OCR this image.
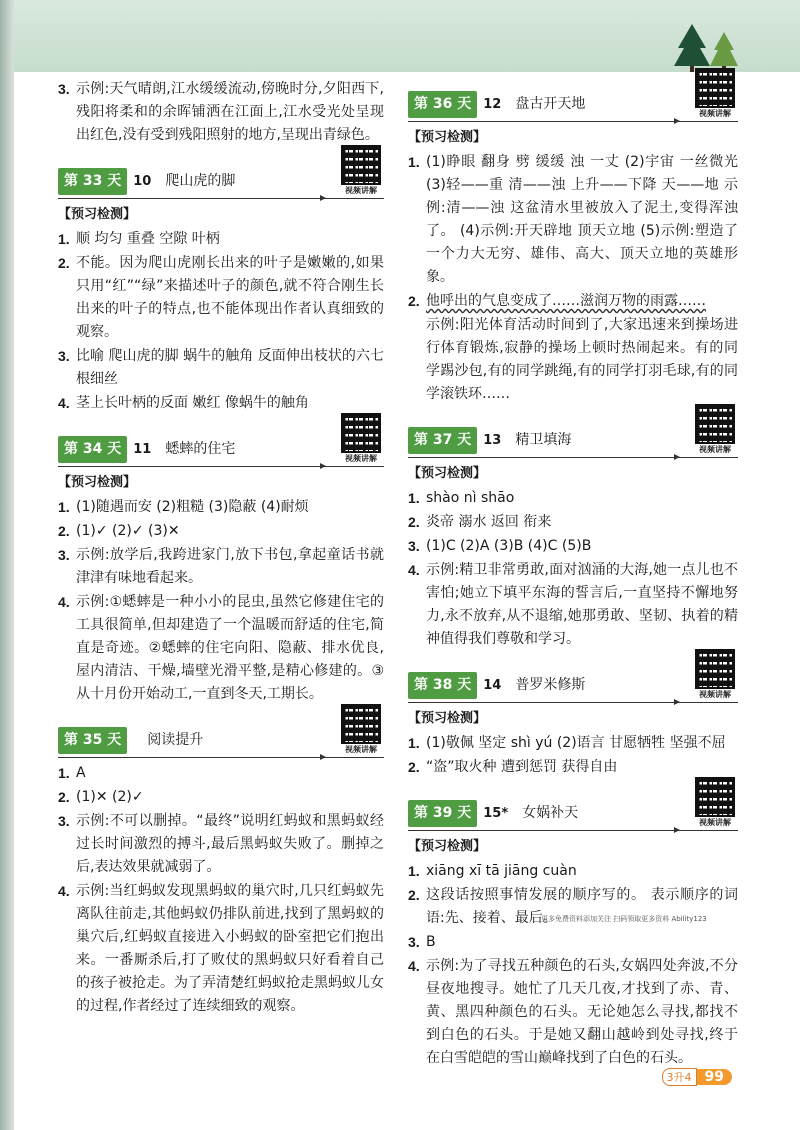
3. 示例:天气晴朗,江水缓缓流动,傍晚时分,夕阳西下,残阳将柔和的余晖铺洒在江面上,江水受光处呈现出红色,没有受到残阳照射的地方,呈现出青绿色。
第 33 天 10 爬山虎的脚
视频讲解
【预习检测】
1. 顺 均匀 重叠 空隙 叶柄
2. 不能。因为爬山虎刚长出来的叶子是嫩嫩的,如果只用“红”“绿”来描述叶子的颜色,就不符合刚生长出来的叶子的特点,也不能体现出作者认真细致的观察。
3. 比喻 爬山虎的脚 蜗牛的触角 反面伸出枝状的六七根细丝
4. 茎上长叶柄的反面 嫩红 像蜗牛的触角
第 34 天 11 蟋蟀的住宅
视频讲解
【预习检测】
1. (1)随遇而安 (2)粗糙 (3)隐蔽 (4)耐烦
2. (1)✓ (2)✓ (3)✕
3. 示例:放学后,我跨进家门,放下书包,拿起童话书就津津有味地看起来。
4. 示例:①蟋蟀是一种小小的昆虫,虽然它修建住宅的工具很简单,但却建造了一个温暖而舒适的住宅,简直是奇迹。②蟋蟀的住宅向阳、隐蔽、排水优良,屋内清洁、干燥,墙壁光滑平整,是精心修建的。③从十月份开始动工,一直到冬天,工期长。
第 35 天	阅读提升
视频讲解
1. A
2. (1)✕ (2)✓
3. 示例:不可以删掉。“最终”说明红蚂蚁和黑蚂蚁经过长时间激烈的搏斗,最后黑蚂蚁失败了。删掉之后,表达效果就减弱了。
4. 示例:当红蚂蚁发现黑蚂蚁的巢穴时,几只红蚂蚁先离队往前走,其他蚂蚁仍排队前进,找到了黑蚂蚁的巢穴后,红蚂蚁直接进入小蚂蚁的卧室把它们抱出来。一番厮杀后,打了败仗的黑蚂蚁只好看着自己的孩子被抢走。为了弄清楚红蚂蚁抢走黑蚂蚁儿女的过程,作者经过了连续细致的观察。
第 36 天 12 盘古开天地
视频讲解
【预习检测】
1. (1)睁眼 翻身 劈 缓缓 浊 一丈 (2)宇宙 一丝微光 (3)轻——重 清——浊 上升——下降 天——地 示例:清——浊 这盆清水里被放入了泥土,变得浑浊了。 (4)示例:开天辟地 顶天立地 (5)示例:塑造了一个力大无穷、雄伟、高大、顶天立地的英雄形象。
2. 他呼出的气息变成了……滋润万物的雨露……
示例:阳光体育活动时间到了,大家迅速来到操场进行体育锻炼,寂静的操场上顿时热闹起来。有的同学踢沙包,有的同学跳绳,有的同学打羽毛球,有的同学滚铁环……
第 37 天 13 精卫填海
视频讲解
【预习检测】
1. shào nì shāo
2. 炎帝 溺水 返回 衔来
3. (1)C (2)A (3)B (4)C (5)B
4. 示例:精卫非常勇敢,面对汹涌的大海,她一点儿也不害怕;她立下填平东海的誓言后,一直坚持不懈地努力,永不放弃,从不退缩,她那勇敢、坚韧、执着的精神值得我们尊敬和学习。
第 38 天 14 普罗米修斯
视频讲解
【预习检测】
1. (1)敬佩 坚定 shì yú (2)语言 甘愿牺牲 坚强不屈
2. “盗”取火种 遭到惩罚 获得自由
第 39 天 15* 女娲补天
视频讲解
【预习检测】
1. xiāng xī tā jiāng cuàn
2. 这段话按照事情发展的顺序写的。 表示顺序的词语:先、接着、最后。
3. B
4. 示例:为了寻找五种颜色的石头,女娲四处奔波,不分昼夜地搜寻。她忙了几天几夜,才找到了赤、青、黄、黑四种颜色的石头。无论她怎么寻找,都找不到白色的石头。于是她又翻山越岭到处寻找,终于在白雪皑皑的雪山巅峰找到了白色的石头。
更多免费资料添加关注 扫码领取更多资料 Ability123
3升4 99
